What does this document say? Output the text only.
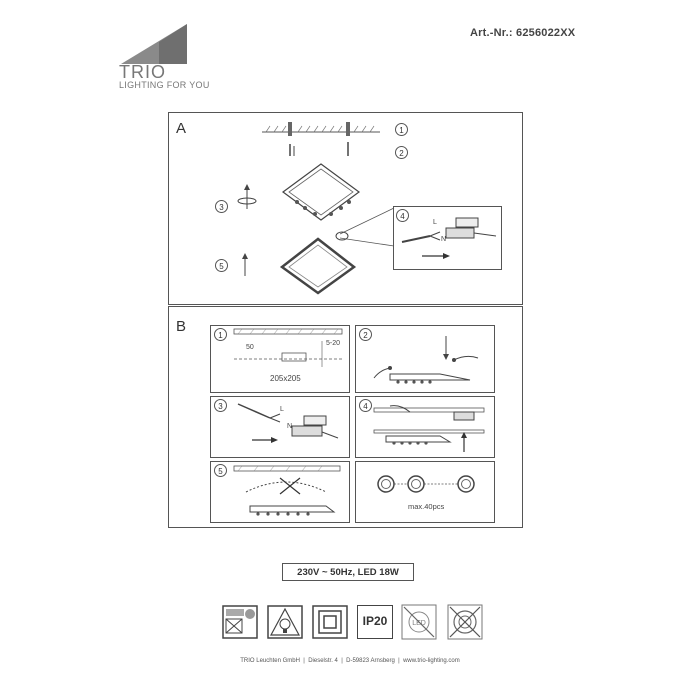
Art.-Nr.: 6256022XX
TRIO
LIGHTING FOR YOU
A	1
2
3
4
L
N
5
B
1
50
5-20
205x205
2
3	L
N
4
5
max.40pcs
230V ~ 50Hz, LED 18W
IP20	LED
TRIO Leuchten GmbH  |  Dieselstr. 4  |  D-59823 Arnsberg  |  www.trio-lighting.com
